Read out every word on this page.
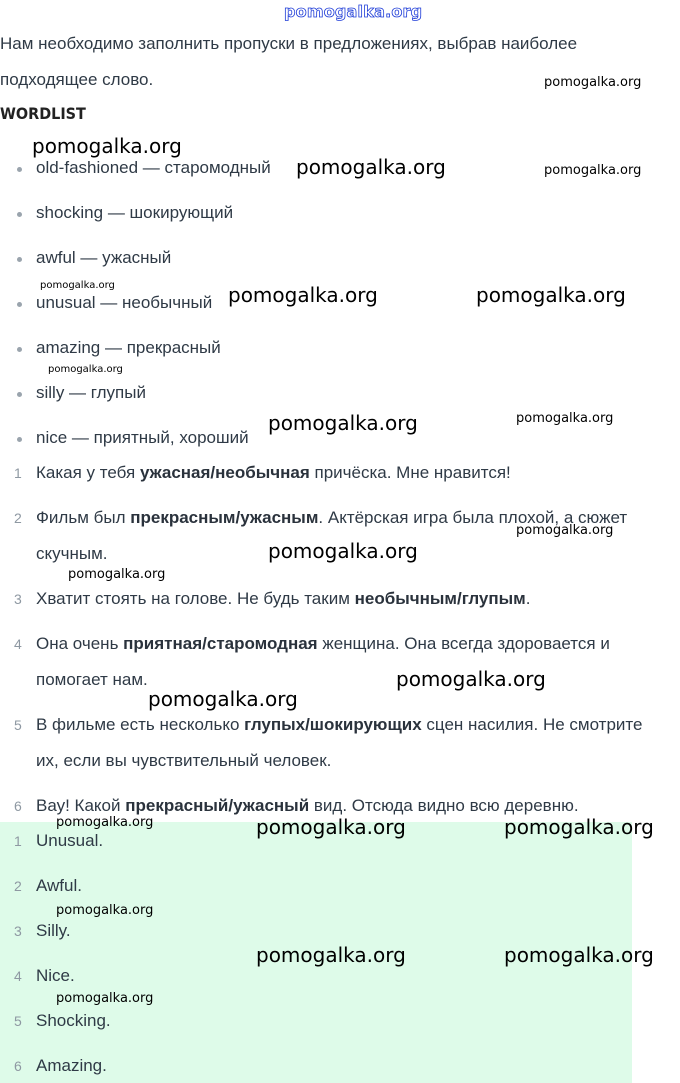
pomogalka.org
Нам необходимо заполнить пропуски в предложениях, выбрав наиболее
подходящее слово.
WORDLIST
old-fashioned — старомодный
shocking — шокирующий
awful — ужасный
unusual — необычный
amazing — прекрасный
silly — глупый
nice — приятный, хороший
1 Какая у тебя ужасная/необычная причёска. Мне нравится!
2 Фильм был прекрасным/ужасным. Актёрская игра была плохой, а сюжет
скучным.
3 Хватит стоять на голове. Не будь таким необычным/глупым.
4 Она очень приятная/старомодная женщина. Она всегда здоровается и
помогает нам.
5 В фильме есть несколько глупых/шокирующих сцен насилия. Не смотрите
их, если вы чувствительный человек.
6 Вау! Какой прекрасный/ужасный вид. Отсюда видно всю деревню.
1 Unusual.
2 Awful.
3 Silly.
4 Nice.
5 Shocking.
6 Amazing.
pomogalka.org
pomogalka.org
pomogalka.org	pomogalka.org
pomogalka.org	pomogalka.org	pomogalka.org
pomogalka.org
pomogalka.org
pomogalka.org
pomogalka.org
pomogalka.org
pomogalka.org
pomogalka.org
pomogalka.org
pomogalka.org	pomogalka.org	pomogalka.org
pomogalka.org
pomogalka.org	pomogalka.org
pomogalka.org
